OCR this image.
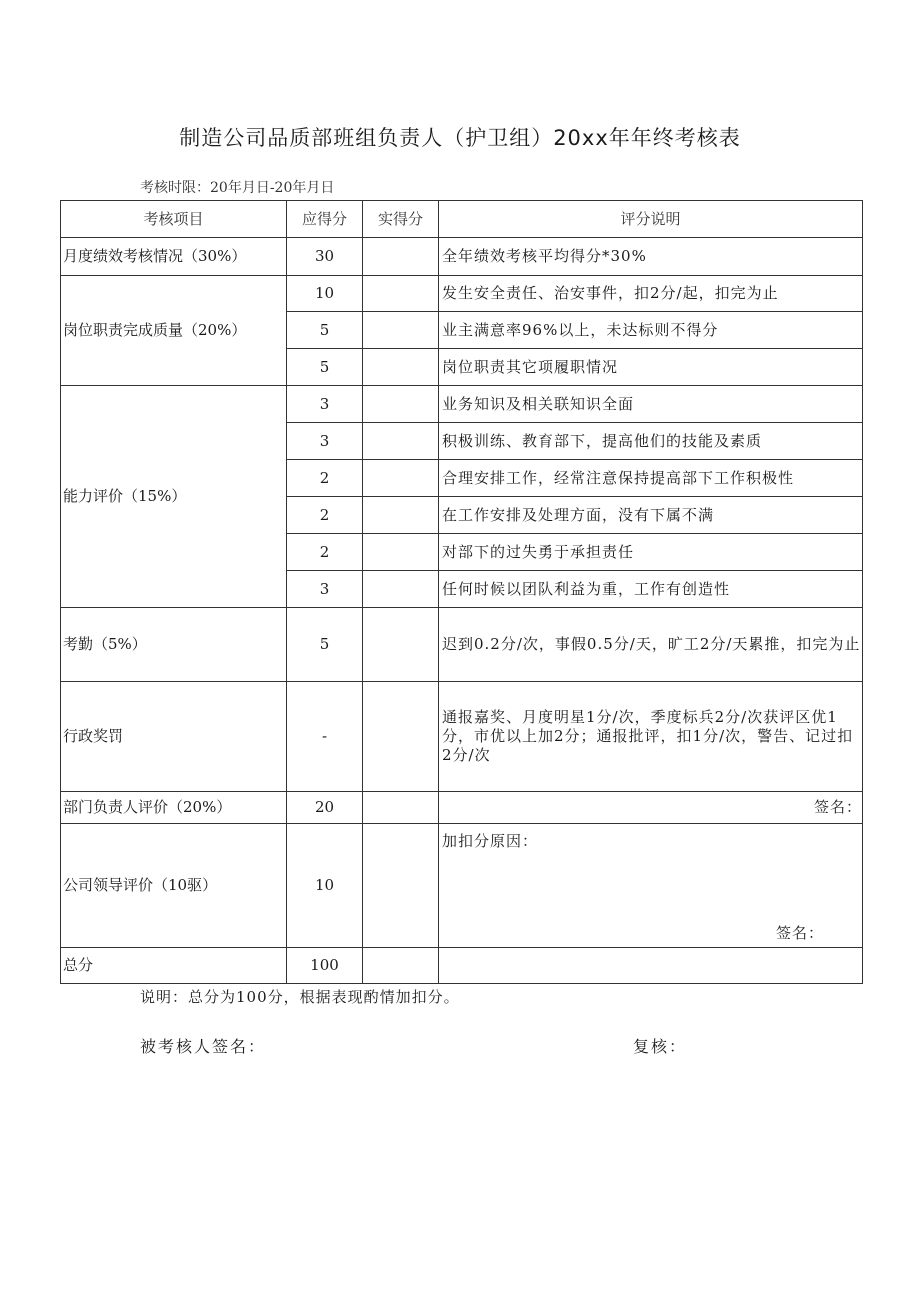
制造公司品质部班组负责人（护卫组）20xx年年终考核表
考核时限：20年月日-20年月日
考核项目	应得分	实得分	评分说明
月度绩效考核情况（30%）	30		全年绩效考核平均得分*30%
岗位职责完成质量（20%）	10		发生安全责任、治安事件，扣2分/起，扣完为止
	5		业主满意率96%以上，未达标则不得分
	5		岗位职责其它项履职情况
能力评价（15%）	3		业务知识及相关联知识全面
	3		积极训练、教育部下，提高他们的技能及素质
	2		合理安排工作，经常注意保持提高部下工作积极性
	2		在工作安排及处理方面，没有下属不满
	2		对部下的过失勇于承担责任
	3		任何时候以团队利益为重，工作有创造性
考勤（5%）	5		迟到0.2分/次，事假0.5分/天，旷工2分/天累推，扣完为止
行政奖罚	-		通报嘉奖、月度明星1分/次，季度标兵2分/次获评区优1分，市优以上加2分；通报批评，扣1分/次，警告、记过扣2分/次
部门负责人评价（20%）	20		签名：
公司领导评价（10驱）	10		加扣分原因：
签名：

总分	100		
说明：总分为100分，根据表现酌情加扣分。
被考核人签名：	复核：
